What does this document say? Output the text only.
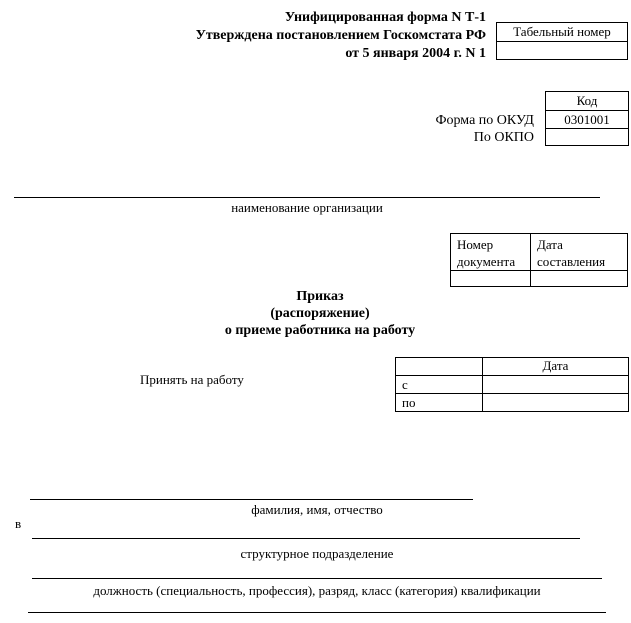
Унифицированная форма N Т-1
Утверждена постановлением Госкомстата РФ
от 5 января 2004 г. N 1
Табельный номер
Код
0301001
Форма по ОКУД
По ОКПО
наименование организации
Номер
документа
Дата
составления
Приказ
(распоряжение)
о приеме работника на работу
Принять на работу
Дата
с
по
фамилия, имя, отчество
в
структурное подразделение
должность (специальность, профессия), разряд, класс (категория) квалификации
